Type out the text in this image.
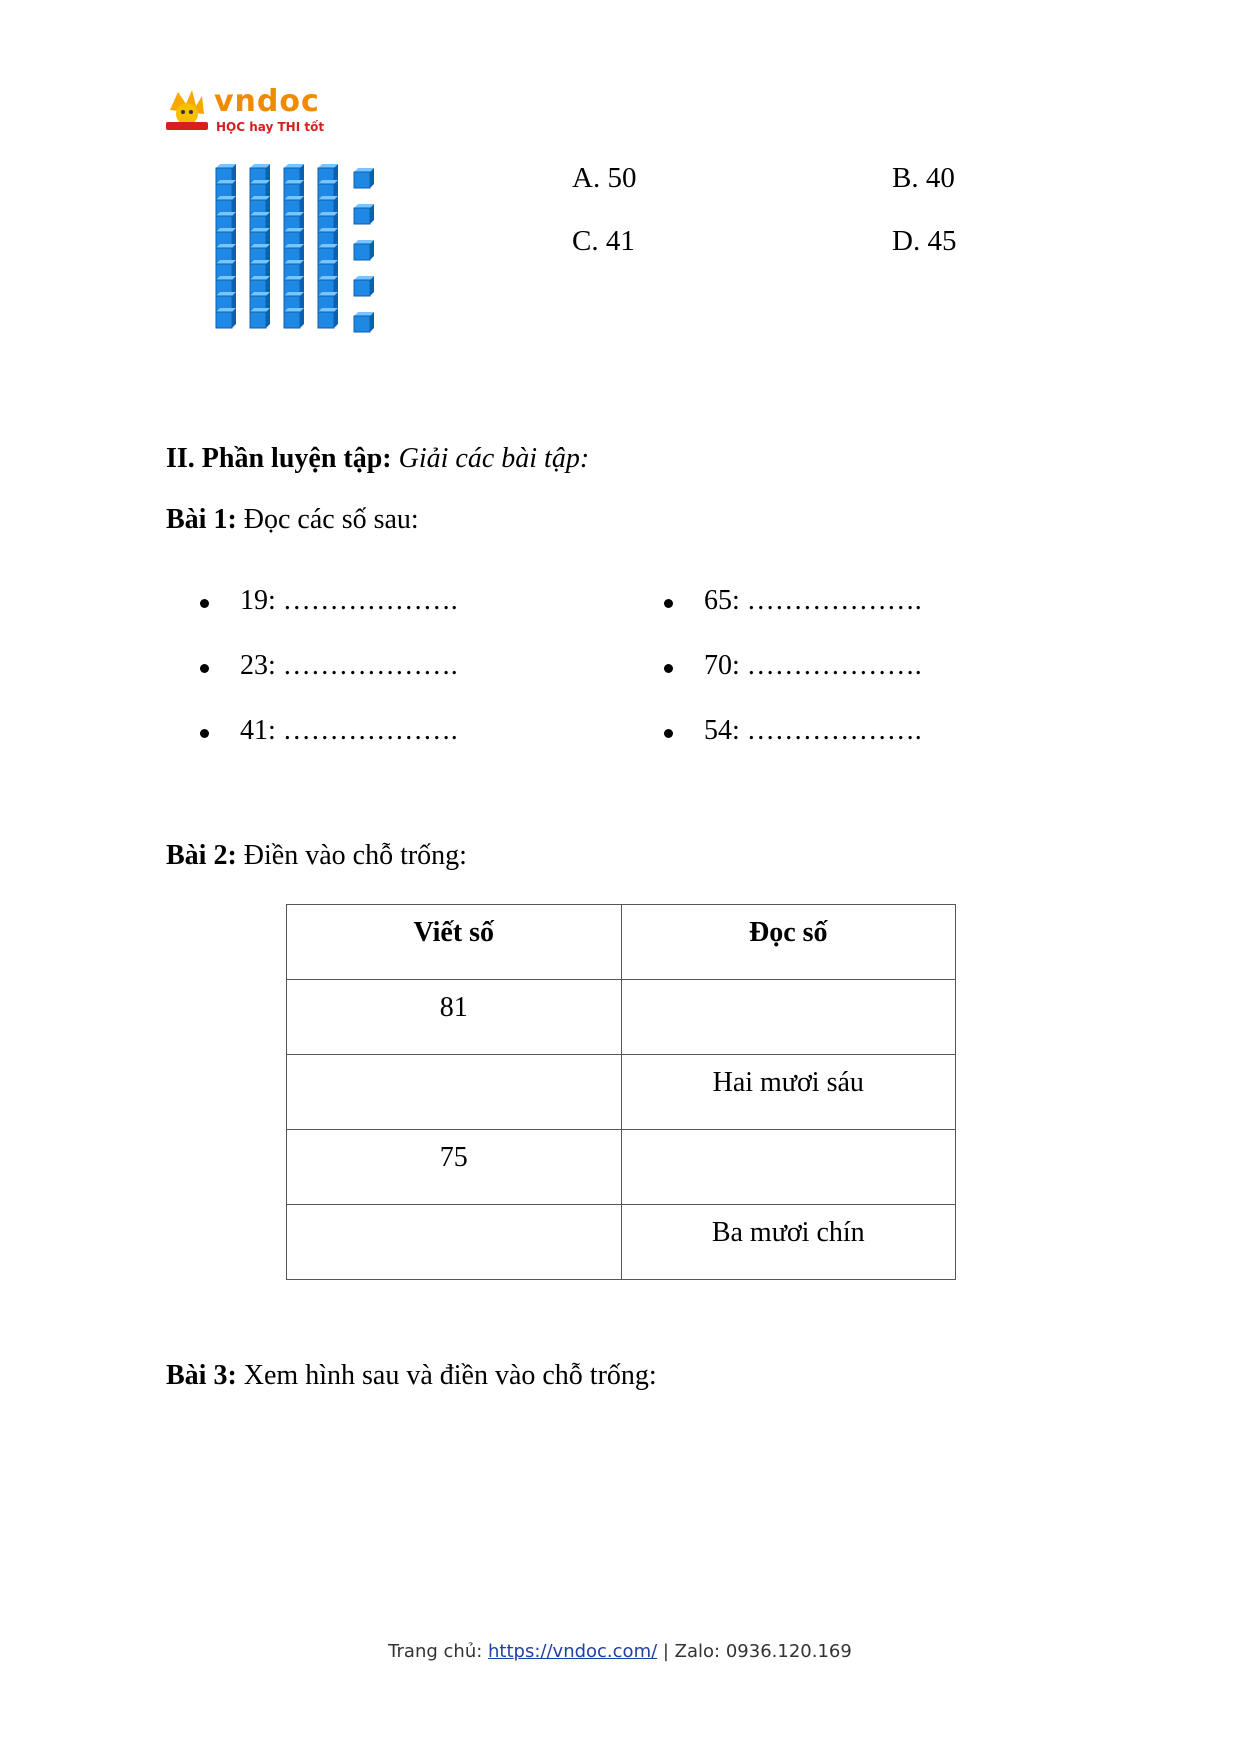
vndoc
HỌC hay THI tốt
A. 50	B. 40
C. 41	D. 45
II. Phần luyện tập: Giải các bài tập:
Bài 1: Đọc các số sau:
19: ……………….
23: ……………….
41: ……………….
65: ……………….
70: ……………….
54: ……………….
Bài 2: Điền vào chỗ trống:
Viết số	Đọc số
81	
	Hai mươi sáu
75	
	Ba mươi chín
Bài 3: Xem hình sau và điền vào chỗ trống:
Trang chủ: https://vndoc.com/ | Zalo: 0936.120.169
